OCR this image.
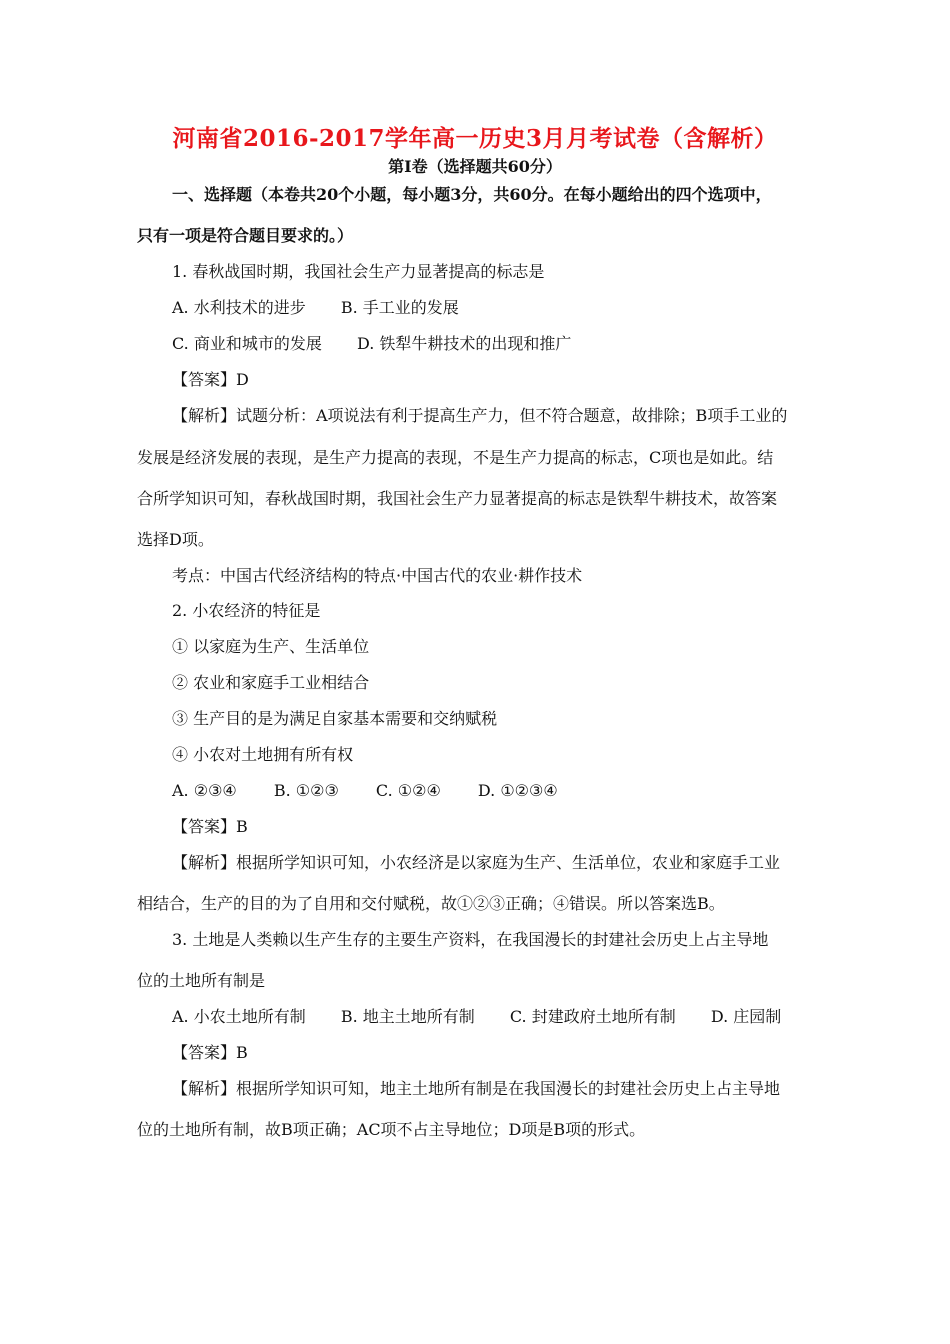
河南省2016-2017学年高一历史3月月考试卷（含解析）
第Ⅰ卷（选择题共60分）
一、选择题（本卷共20个小题，每小题3分，共60分。在每小题给出的四个选项中，
只有一项是符合题目要求的。）
1. 春秋战国时期，我国社会生产力显著提高的标志是
A. 水利技术的进步 B. 手工业的发展
C. 商业和城市的发展 D. 铁犁牛耕技术的出现和推广
【答案】D
【解析】试题分析：A项说法有利于提高生产力，但不符合题意，故排除；B项手工业的
发展是经济发展的表现，是生产力提高的表现，不是生产力提高的标志，C项也是如此。结
合所学知识可知，春秋战国时期，我国社会生产力显著提高的标志是铁犁牛耕技术，故答案
选择D项。
考点：中国古代经济结构的特点·中国古代的农业·耕作技术
2. 小农经济的特征是
① 以家庭为生产、生活单位
② 农业和家庭手工业相结合
③ 生产目的是为满足自家基本需要和交纳赋税
④ 小农对土地拥有所有权
A. ②③④ B. ①②③ C. ①②④ D. ①②③④
【答案】B
【解析】根据所学知识可知，小农经济是以家庭为生产、生活单位，农业和家庭手工业
相结合，生产的目的为了自用和交付赋税，故①②③正确；④错误。所以答案选B。
3. 土地是人类赖以生产生存的主要生产资料，在我国漫长的封建社会历史上占主导地
位的土地所有制是
A. 小农土地所有制 B. 地主土地所有制 C. 封建政府土地所有制 D. 庄园制
【答案】B
【解析】根据所学知识可知，地主土地所有制是在我国漫长的封建社会历史上占主导地
位的土地所有制，故B项正确；AC项不占主导地位；D项是B项的形式。
